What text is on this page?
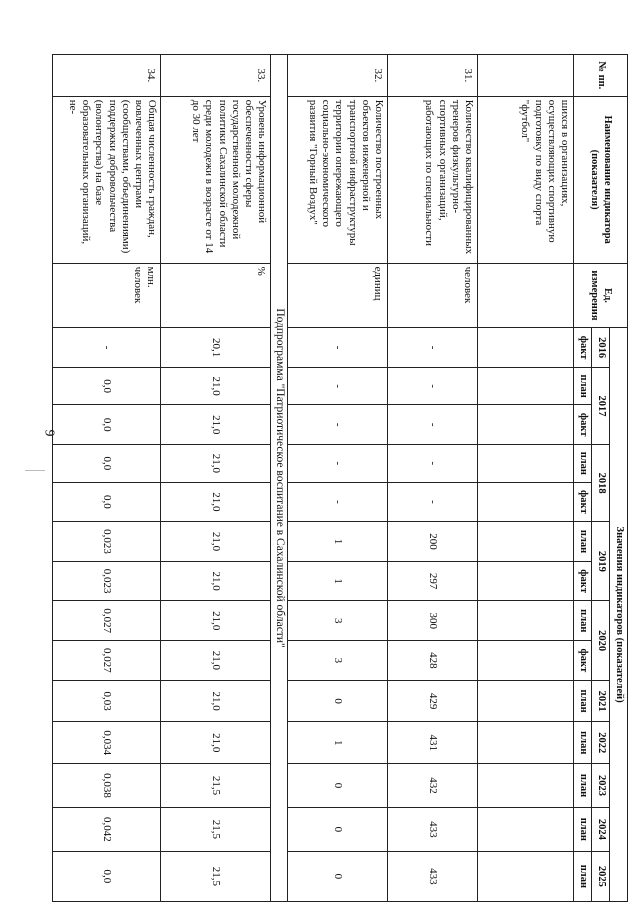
9
№ пп.	Наименование индикатора (показателя)	Ед. измерения	Значения индикаторов (показателей)													
			2016	2017		2018		2019		2020		2021	2022	2023	2024	2025
			факт	план	факт	план	факт	план	факт	план	факт	план	план	план	план	план
	шихся в организациях, осуществляющих спортивную подготовку по виду спорта "футбол"															
31.	Количество квалифицированных тренеров физкультурно-спортивных организаций, работающих по специальности	человек	-	-	-	-	-	200	297	300	428	429	431	432	433	433
32.	Количество построенных объектов инженерной и транспортной инфраструктуры территории опережающего социально-экономического развития "Горный Воздух"	единиц	-	-	-	-	-	1	1	3	3	0	1	0	0	0
Подпрограмма "Патриотическое воспитание в Сахалинской области"																
33.	Уровень информационной обеспеченности сферы государственной молодежной политики Сахалинской области среди молодежи в возрасте от 14 до 30 лет	%	20,1	21,0	21,0	21,0	21,0	21,0	21,0	21,0	21,0	21,0	21,0	21,5	21,5	21,5
34.	Общая численность граждан, вовлеченных центрами (сообществами, объединениями) поддержки добровольчества (волонтерства) на базе образовательных организаций, не-	млн. человек	-	0,0	0,0	0,0	0,0	0,023	0,023	0,027	0,027	0,03	0,034	0,038	0,042	0,0
